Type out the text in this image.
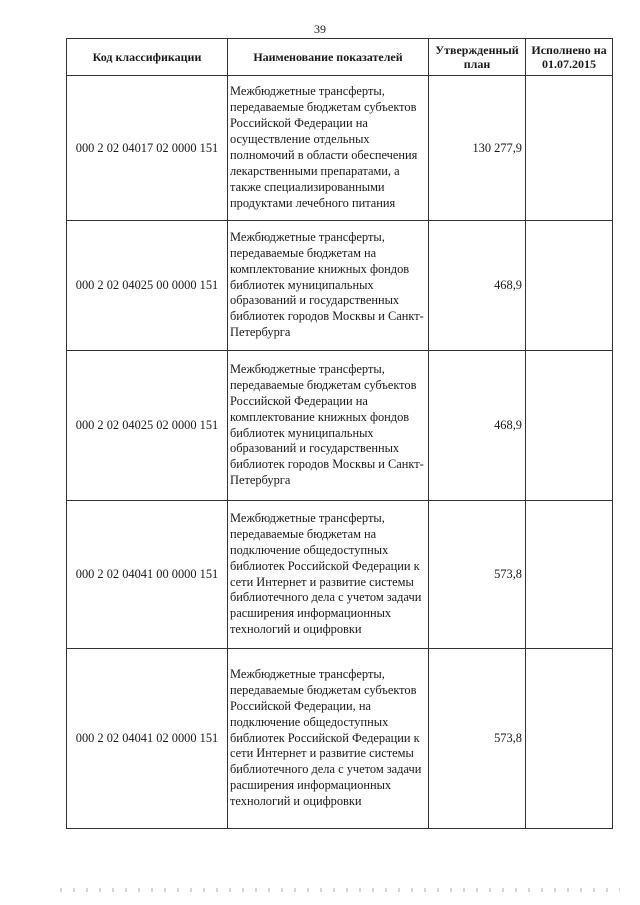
39
Код классификации	Наименование показателей	Утвержденный план	Исполнено на 01.07.2015
000 2 02 04017 02 0000 151	Межбюджетные трансферты, передаваемые бюджетам субъектов Российской Федерации на осуществление отдельных полномочий в области обеспечения лекарственными препаратами, а также специализированными продуктами лечебного питания	130 277,9	
000 2 02 04025 00 0000 151	Межбюджетные трансферты, передаваемые бюджетам на комплектование книжных фондов библиотек муниципальных образований и государственных библиотек городов Москвы и Санкт-Петербурга	468,9	
000 2 02 04025 02 0000 151	Межбюджетные трансферты, передаваемые бюджетам субъектов Российской Федерации на комплектование книжных фондов библиотек муниципальных образований и государственных библиотек городов Москвы и Санкт-Петербурга	468,9	
000 2 02 04041 00 0000 151	Межбюджетные трансферты, передаваемые бюджетам на подключение общедоступных библиотек Российской Федерации к сети Интернет и развитие системы библиотечного дела с учетом задачи расширения информационных технологий и оцифровки	573,8	
000 2 02 04041 02 0000 151	Межбюджетные трансферты, передаваемые бюджетам субъектов Российской Федерации, на подключение общедоступных библиотек Российской Федерации к сети Интернет и развитие системы библиотечного дела с учетом задачи расширения информационных технологий и оцифровки	573,8	
